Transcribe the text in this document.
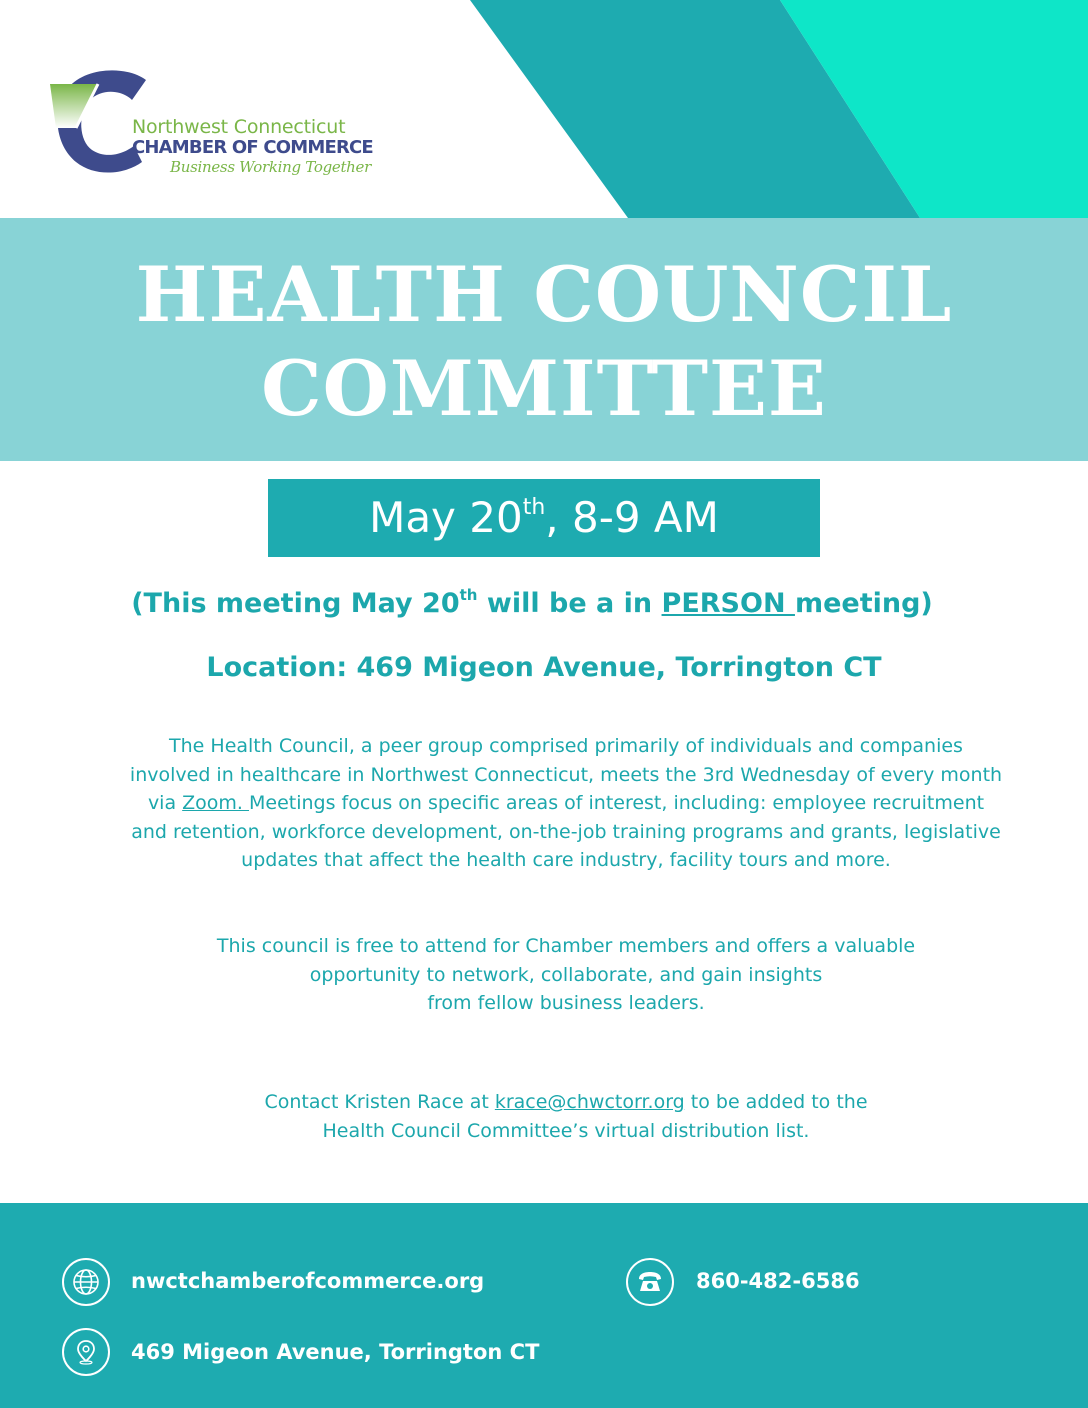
Northwest Connecticut
CHAMBER OF COMMERCE
Business Working Together
HEALTH COUNCIL
COMMITTEE
May 20th, 8-9 AM
(This meeting May 20th will be a in PERSON meeting)
Location: 469 Migeon Avenue, Torrington CT
The Health Council, a peer group comprised primarily of individuals and companies involved in healthcare in Northwest Connecticut, meets the 3rd Wednesday of every month via Zoom. Meetings focus on specific areas of interest, including: employee recruitment and retention, workforce development, on-the-job training programs and grants, legislative updates that affect the health care industry, facility tours and more.
This council is free to attend for Chamber members and offers a valuable
opportunity to network, collaborate, and gain insights
from fellow business leaders.
Contact Kristen Race at krace@chwctorr.org to be added to the
Health Council Committee’s virtual distribution list.
nwctchamberofcommerce.org	860-482-6586
469 Migeon Avenue, Torrington CT
